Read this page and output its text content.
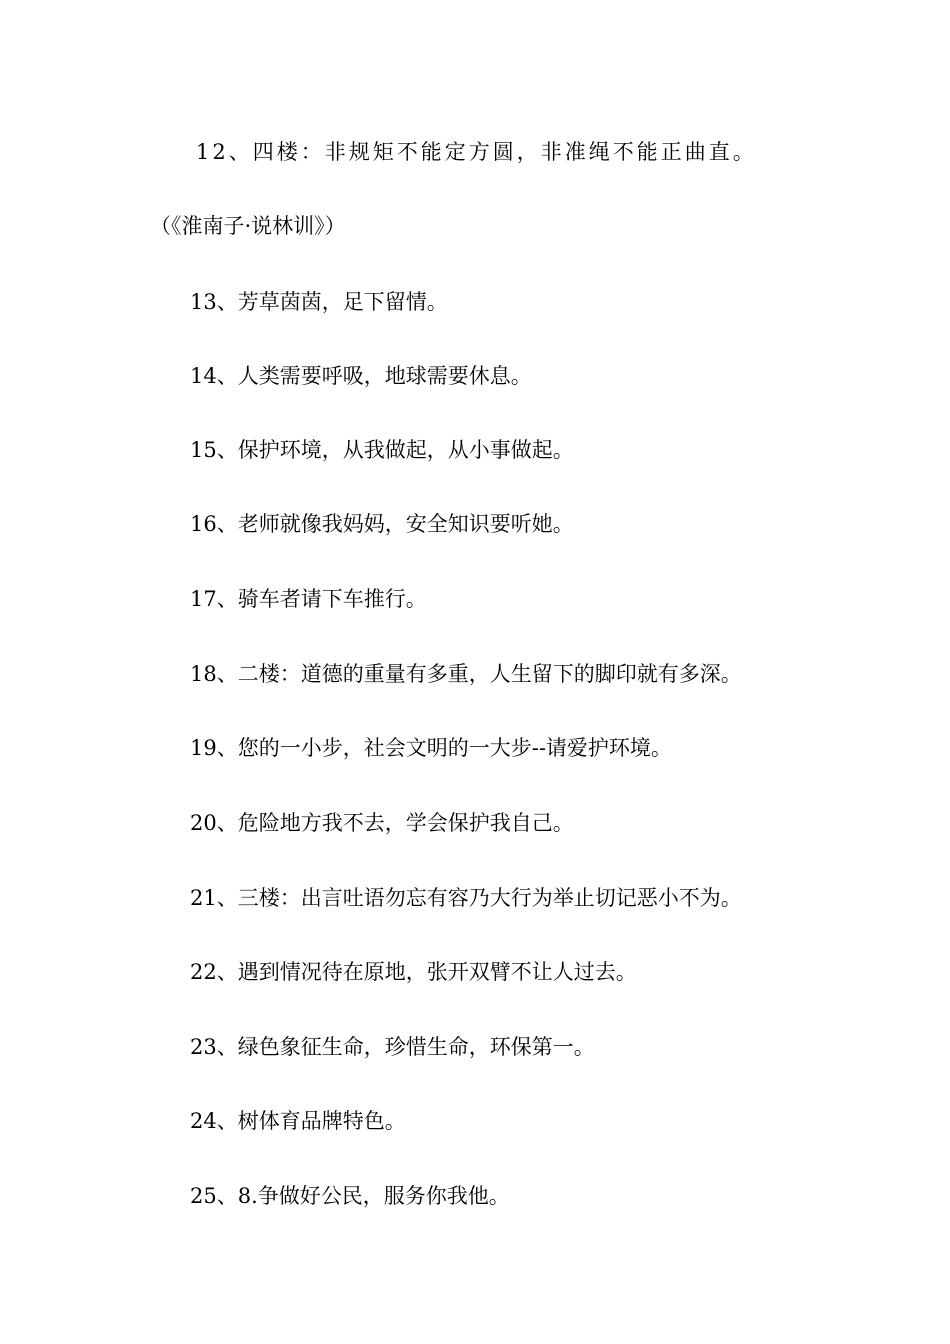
12、四楼：非规矩不能定方圆，非准绳不能正曲直。
（《淮南子·说林训》）
13、芳草茵茵，足下留情。
14、人类需要呼吸，地球需要休息。
15、保护环境，从我做起，从小事做起。
16、老师就像我妈妈，安全知识要听她。
17、骑车者请下车推行。
18、二楼：道德的重量有多重，人生留下的脚印就有多深。
19、您的一小步，社会文明的一大步--请爱护环境。
20、危险地方我不去，学会保护我自己。
21、三楼：出言吐语勿忘有容乃大行为举止切记恶小不为。
22、遇到情况待在原地，张开双臂不让人过去。
23、绿色象征生命，珍惜生命，环保第一。
24、树体育品牌特色。
25、8.争做好公民，服务你我他。
